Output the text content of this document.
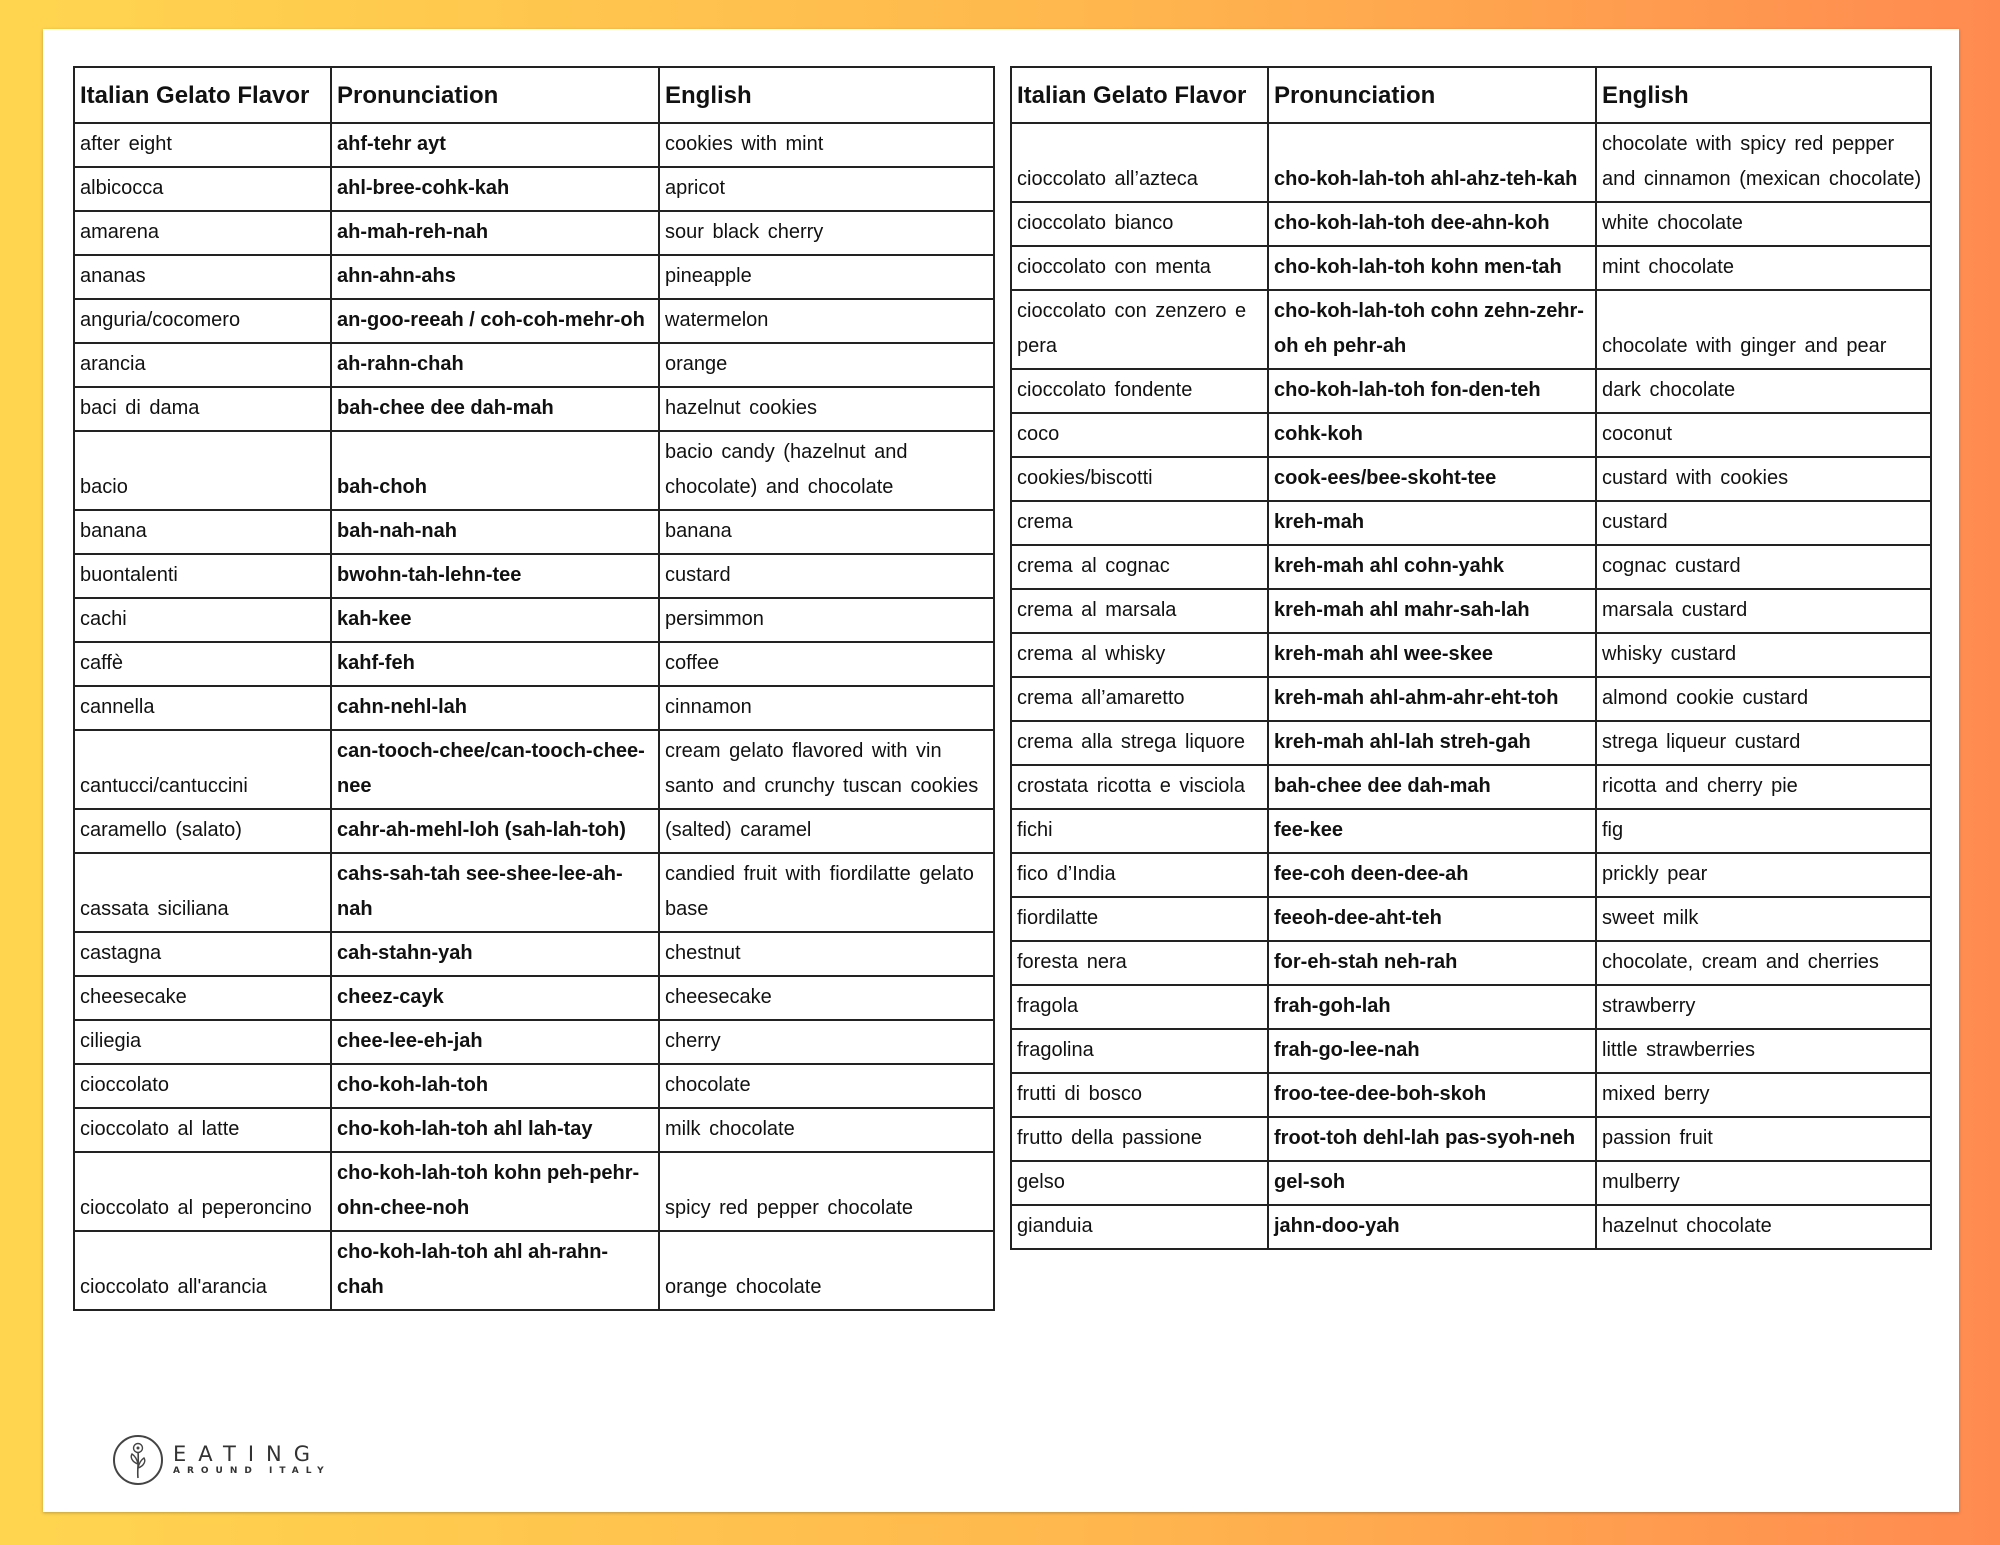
Italian Gelato Flavor	Pronunciation	English
after eight	ahf-tehr ayt	cookies with mint
albicocca	ahl-bree-cohk-kah	apricot
amarena	ah-mah-reh-nah	sour black cherry
ananas	ahn-ahn-ahs	pineapple
anguria/cocomero	an-goo-reeah / coh-coh-mehr-oh	watermelon
arancia	ah-rahn-chah	orange
baci di dama	bah-chee dee dah-mah	hazelnut cookies
bacio	bah-choh	bacio candy (hazelnut and chocolate) and chocolate
banana	bah-nah-nah	banana
buontalenti	bwohn-tah-lehn-tee	custard
cachi	kah-kee	persimmon
caffè	kahf-feh	coffee
cannella	cahn-nehl-lah	cinnamon
cantucci/cantuccini	can-tooch-chee/can-tooch-chee-nee	cream gelato flavored with vin santo and crunchy tuscan cookies
caramello (salato)	cahr-ah-mehl-loh (sah-lah-toh)	(salted) caramel
cassata siciliana	cahs-sah-tah see-shee-lee-ah-nah	candied fruit with fiordilatte gelato base
castagna	cah-stahn-yah	chestnut
cheesecake	cheez-cayk	cheesecake
ciliegia	chee-lee-eh-jah	cherry
cioccolato	cho-koh-lah-toh	chocolate
cioccolato al latte	cho-koh-lah-toh ahl lah-tay	milk chocolate
cioccolato al peperoncino	cho-koh-lah-toh kohn peh-pehr-ohn-chee-noh	spicy red pepper chocolate
cioccolato all'arancia	cho-koh-lah-toh ahl ah-rahn-chah	orange chocolate
Italian Gelato Flavor	Pronunciation	English
cioccolato all’azteca	cho-koh-lah-toh ahl-ahz-teh-kah	chocolate with spicy red pepper and cinnamon (mexican chocolate)
cioccolato bianco	cho-koh-lah-toh dee-ahn-koh	white chocolate
cioccolato con menta	cho-koh-lah-toh kohn men-tah	mint chocolate
cioccolato con zenzero e pera	cho-koh-lah-toh cohn zehn-zehr-oh eh pehr-ah	chocolate with ginger and pear
cioccolato fondente	cho-koh-lah-toh fon-den-teh	dark chocolate
coco	cohk-koh	coconut
cookies/biscotti	cook-ees/bee-skoht-tee	custard with cookies
crema	kreh-mah	custard
crema al cognac	kreh-mah ahl cohn-yahk	cognac custard
crema al marsala	kreh-mah ahl mahr-sah-lah	marsala custard
crema al whisky	kreh-mah ahl wee-skee	whisky custard
crema all’amaretto	kreh-mah ahl-ahm-ahr-eht-toh	almond cookie custard
crema alla strega liquore	kreh-mah ahl-lah streh-gah	strega liqueur custard
crostata ricotta e visciola	bah-chee dee dah-mah	ricotta and cherry pie
fichi	fee-kee	fig
fico d’India	fee-coh deen-dee-ah	prickly pear
fiordilatte	feeoh-dee-aht-teh	sweet milk
foresta nera	for-eh-stah neh-rah	chocolate, cream and cherries
fragola	frah-goh-lah	strawberry
fragolina	frah-go-lee-nah	little strawberries
frutti di bosco	froo-tee-dee-boh-skoh	mixed berry
frutto della passione	froot-toh dehl-lah pas-syoh-neh	passion fruit
gelso	gel-soh	mulberry
gianduia	jahn-doo-yah	hazelnut chocolate
EATING
AROUND ITALY
